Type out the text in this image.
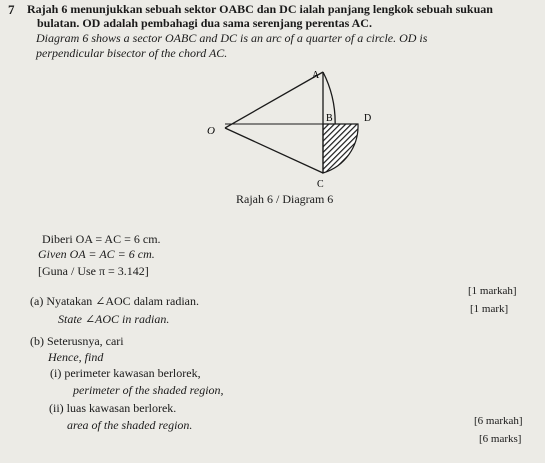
7 Rajah 6 menunjukkan sebuah sektor OABC dan DC ialah panjang lengkok sebuah sukuan
bulatan. OD adalah pembahagi dua sama serenjang perentas AC.
Diagram 6 shows a sector OABC and DC is an arc of a quarter of a circle. OD is
perpendicular bisector of the chord AC.
A
B	D
O
C
Rajah 6 / Diagram 6
Diberi OA = AC = 6 cm.
Given OA = AC = 6 cm.
[Guna / Use π = 3.142]
(a) Nyatakan ∠AOC dalam radian.
State ∠AOC in radian.
[1 markah]
[1 mark]
(b) Seterusnya, cari
Hence, find
(i) perimeter kawasan berlorek,
perimeter of the shaded region,
(ii) luas kawasan berlorek.
area of the shaded region.	[6 markah]
[6 marks]
